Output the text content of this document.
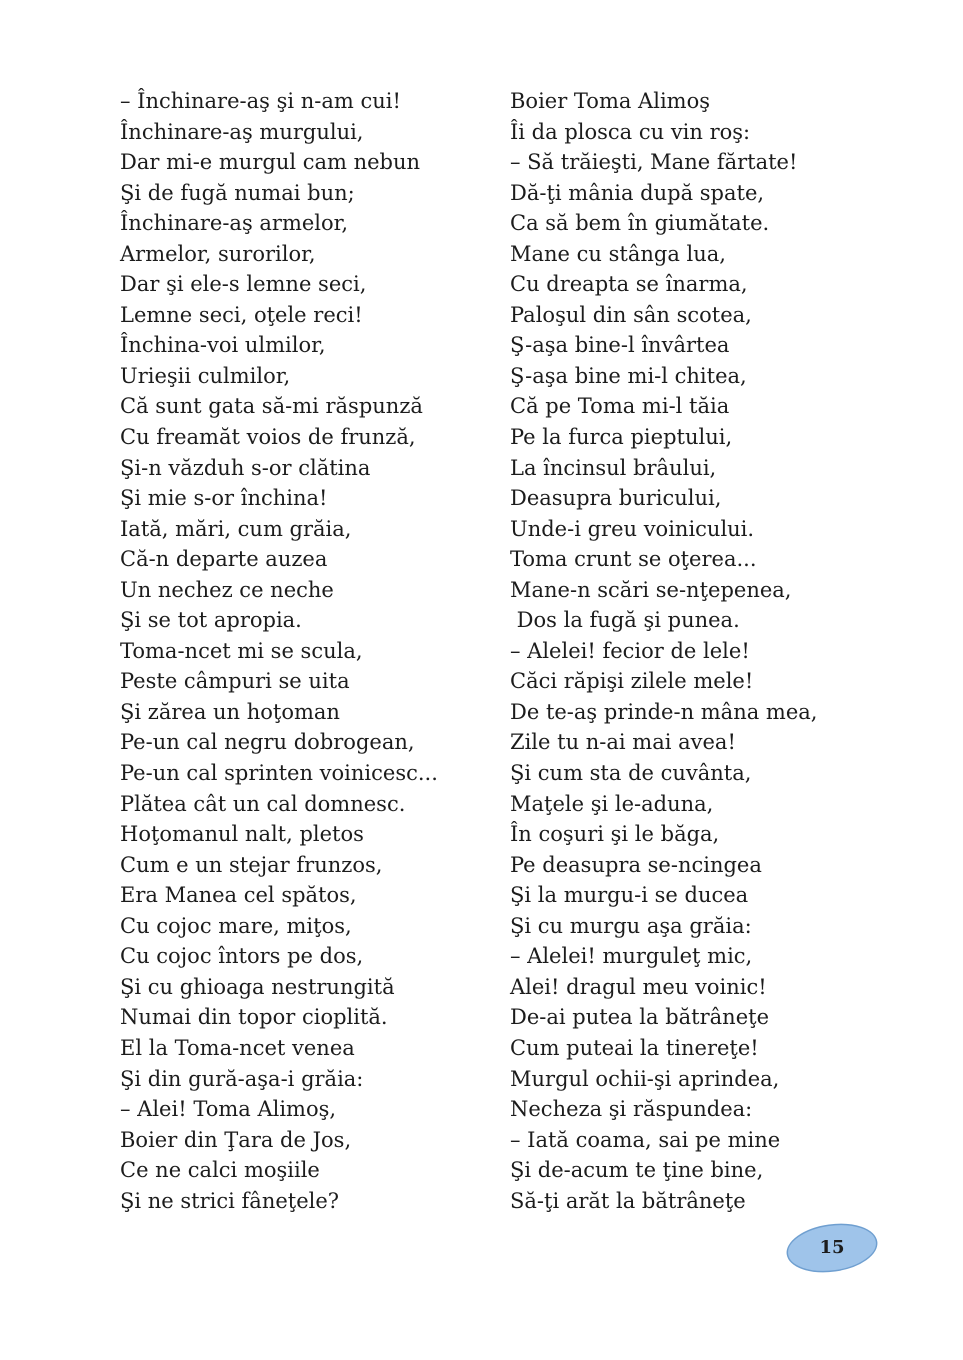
– Închinare-aş şi n-am cui!
Închinare-aş murgului,
Dar mi-e murgul cam nebun
Şi de fugă numai bun;
Închinare-aş armelor,
Armelor, surorilor,
Dar şi ele-s lemne seci,
Lemne seci, oţele reci!
Închina-voi ulmilor,
Urieşii culmilor,
Că sunt gata să-mi răspunză
Cu freamăt voios de frunză,
Şi-n văzduh s-or clătina
Şi mie s-or închina!
Iată, mări, cum grăia,
Că-n departe auzea
Un nechez ce neche
Şi se tot apropia.
Toma-ncet mi se scula,
Peste câmpuri se uita
Şi zărea un hoţoman
Pe-un cal negru dobrogean,
Pe-un cal sprinten voinicesc...
Plătea cât un cal domnesc.
Hoţomanul nalt, pletos
Cum e un stejar frunzos,
Era Manea cel spătos,
Cu cojoc mare, miţos,
Cu cojoc întors pe dos,
Şi cu ghioaga nestrungită
Numai din topor cioplită.
El la Toma-ncet venea
Şi din gură-aşa-i grăia:
– Alei! Toma Alimoş,
Boier din Ţara de Jos,
Ce ne calci moşiile
Şi ne strici fâneţele?
Boier Toma Alimoş
Îi da plosca cu vin roş:
– Să trăieşti, Mane fărtate!
Dă-ţi mânia după spate,
Ca să bem în giumătate.
Mane cu stânga lua,
Cu dreapta se înarma,
Paloşul din sân scotea,
Ş-aşa bine-l învârtea
Ş-aşa bine mi-l chitea,
Că pe Toma mi-l tăia
Pe la furca pieptului,
La încinsul brâului,
Deasupra buricului,
Unde-i greu voinicului.
Toma crunt se oţerea...
Mane-n scări se-nţepenea,
Dos la fugă şi punea.
– Alelei! fecior de lele!
Căci răpişi zilele mele!
De te-aş prinde-n mâna mea,
Zile tu n-ai mai avea!
Şi cum sta de cuvânta,
Maţele şi le-aduna,
În coşuri şi le băga,
Pe deasupra se-ncingea
Şi la murgu-i se ducea
Şi cu murgu aşa grăia:
– Alelei! murguleţ mic,
Alei! dragul meu voinic!
De-ai putea la bătrâneţe
Cum puteai la tinereţe!
Murgul ochii-şi aprindea,
Necheza şi răspundea:
– Iată coama, sai pe mine
Şi de-acum te ţine bine,
Să-ţi arăt la bătrâneţe
15
